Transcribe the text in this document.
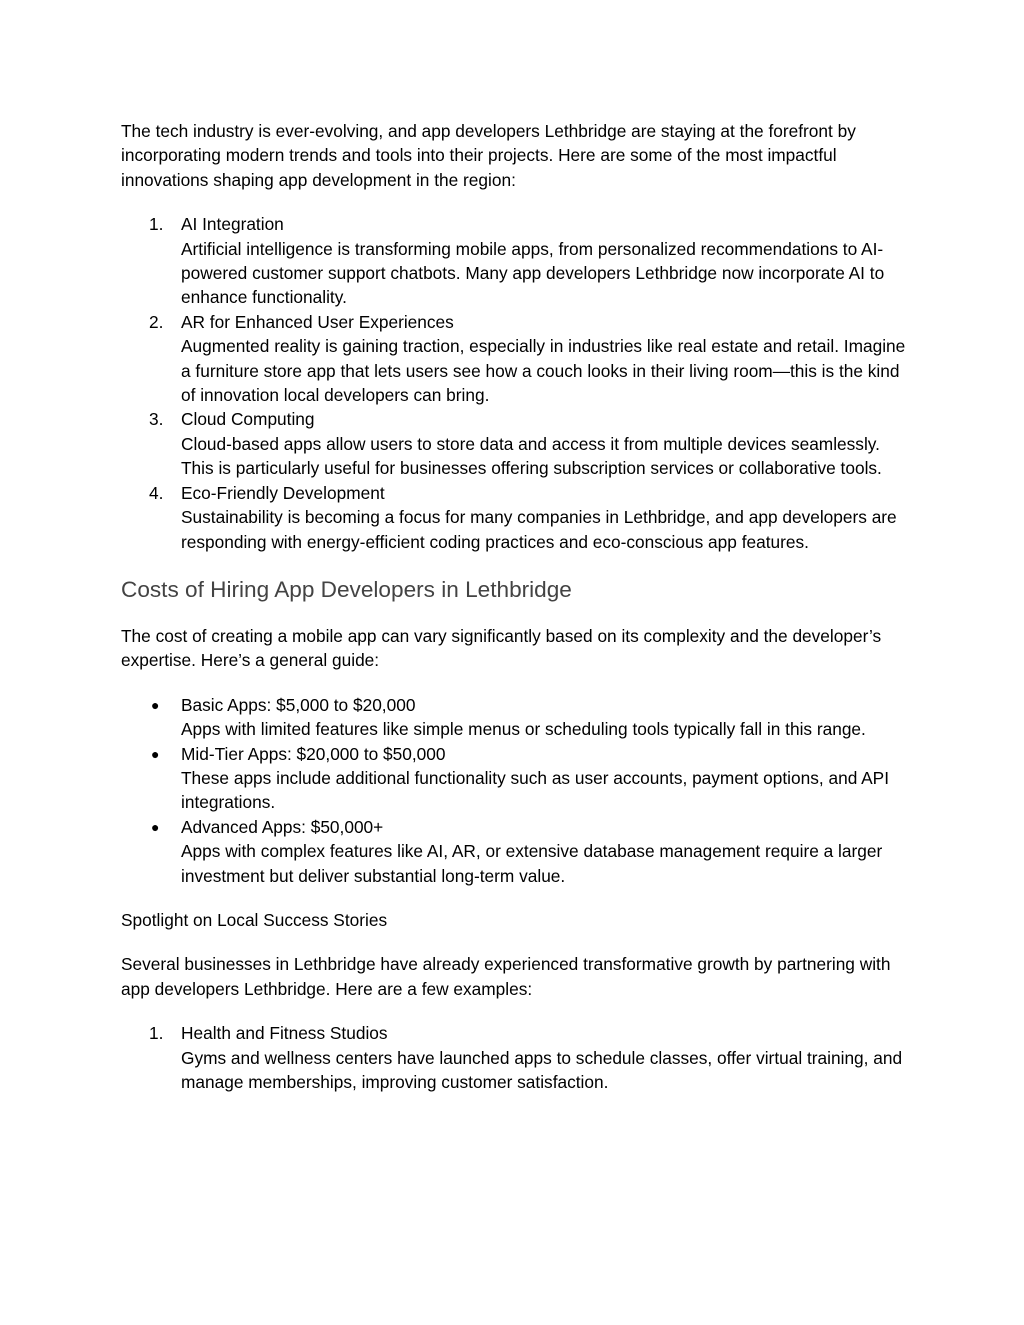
The tech industry is ever-evolving, and app developers Lethbridge are staying at the forefront by incorporating modern trends and tools into their projects. Here are some of the most impactful innovations shaping app development in the region:

1.	AI Integration
Artificial intelligence is transforming mobile apps, from personalized recommendations to AI-powered customer support chatbots. Many app developers Lethbridge now incorporate AI to enhance functionality.
2.	AR for Enhanced User Experiences
Augmented reality is gaining traction, especially in industries like real estate and retail. Imagine a furniture store app that lets users see how a couch looks in their living room—this is the kind of innovation local developers can bring.
3.	Cloud Computing
Cloud-based apps allow users to store data and access it from multiple devices seamlessly. This is particularly useful for businesses offering subscription services or collaborative tools.
4.	Eco-Friendly Development
Sustainability is becoming a focus for many companies in Lethbridge, and app developers are responding with energy-efficient coding practices and eco-conscious app features.
Costs of Hiring App Developers in Lethbridge

The cost of creating a mobile app can vary significantly based on its complexity and the developer’s expertise. Here’s a general guide:

●	Basic Apps: $5,000 to $20,000
Apps with limited features like simple menus or scheduling tools typically fall in this range.
●	Mid-Tier Apps: $20,000 to $50,000
These apps include additional functionality such as user accounts, payment options, and API integrations.
●	Advanced Apps: $50,000+
Apps with complex features like AI, AR, or extensive database management require a larger investment but deliver substantial long-term value.

Spotlight on Local Success Stories

Several businesses in Lethbridge have already experienced transformative growth by partnering with app developers Lethbridge. Here are a few examples:

1.	Health and Fitness Studios
Gyms and wellness centers have launched apps to schedule classes, offer virtual training, and manage memberships, improving customer satisfaction.
